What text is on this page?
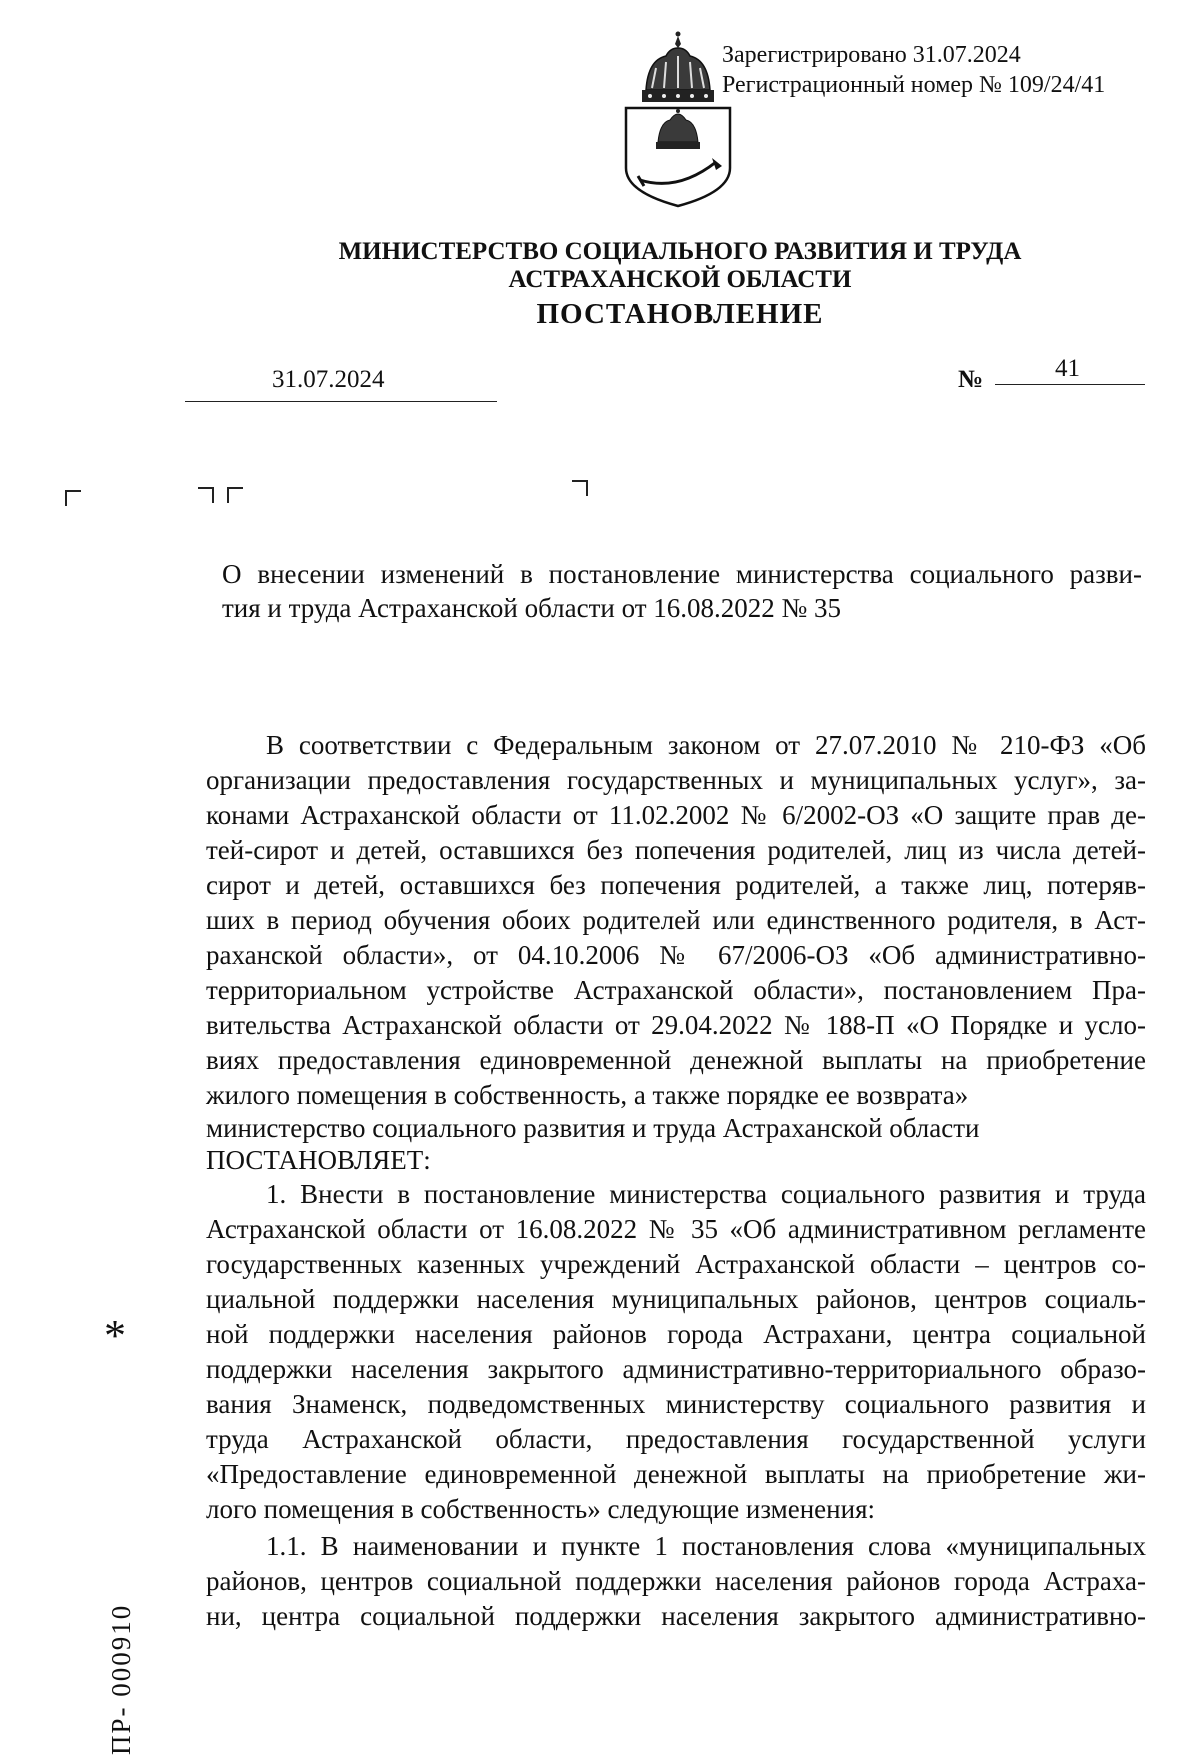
Зарегистрировано 31.07.2024
Регистрационный номер № 109/24/41
МИНИСТЕРСТВО СОЦИАЛЬНОГО РАЗВИТИЯ И ТРУДА
АСТРАХАНСКОЙ ОБЛАСТИ
ПОСТАНОВЛЕНИЕ
31.07.2024	№	41
О внесении изменений в постановление министерства социального разви-
тия и труда Астраханской области от 16.08.2022 № 35
В соответствии с Федеральным законом от 27.07.2010 № 210-ФЗ «Об
организации предоставления государственных и муниципальных услуг», за-
конами Астраханской области от 11.02.2002 № 6/2002-ОЗ «О защите прав де-
тей-сирот и детей, оставшихся без попечения родителей, лиц из числа детей-
сирот и детей, оставшихся без попечения родителей, а также лиц, потеряв-
ших в период обучения обоих родителей или единственного родителя, в Аст-
раханской области», от 04.10.2006 № 67/2006-ОЗ «Об административно-
территориальном устройстве Астраханской области», постановлением Пра-
вительства Астраханской области от 29.04.2022 № 188-П «О Порядке и усло-
виях предоставления единовременной денежной выплаты на приобретение
жилого помещения в собственность, а также порядке ее возврата»
министерство социального развития и труда Астраханской области
ПОСТАНОВЛЯЕТ:
1. Внести в постановление министерства социального развития и труда
Астраханской области от 16.08.2022 № 35 «Об административном регламенте
государственных казенных учреждений Астраханской области – центров со-
циальной поддержки населения муниципальных районов, центров социаль-
ной поддержки населения районов города Астрахани, центра социальной
поддержки населения закрытого административно-территориального образо-
вания Знаменск, подведомственных министерству социального развития и
труда Астраханской области, предоставления государственной услуги
«Предоставление единовременной денежной выплаты на приобретение жи-
лого помещения в собственность» следующие изменения:
1.1. В наименовании и пункте 1 постановления слова «муниципальных
районов, центров социальной поддержки населения районов города Астраха-
ни, центра социальной поддержки населения закрытого административно-
*
ПР- 000910
